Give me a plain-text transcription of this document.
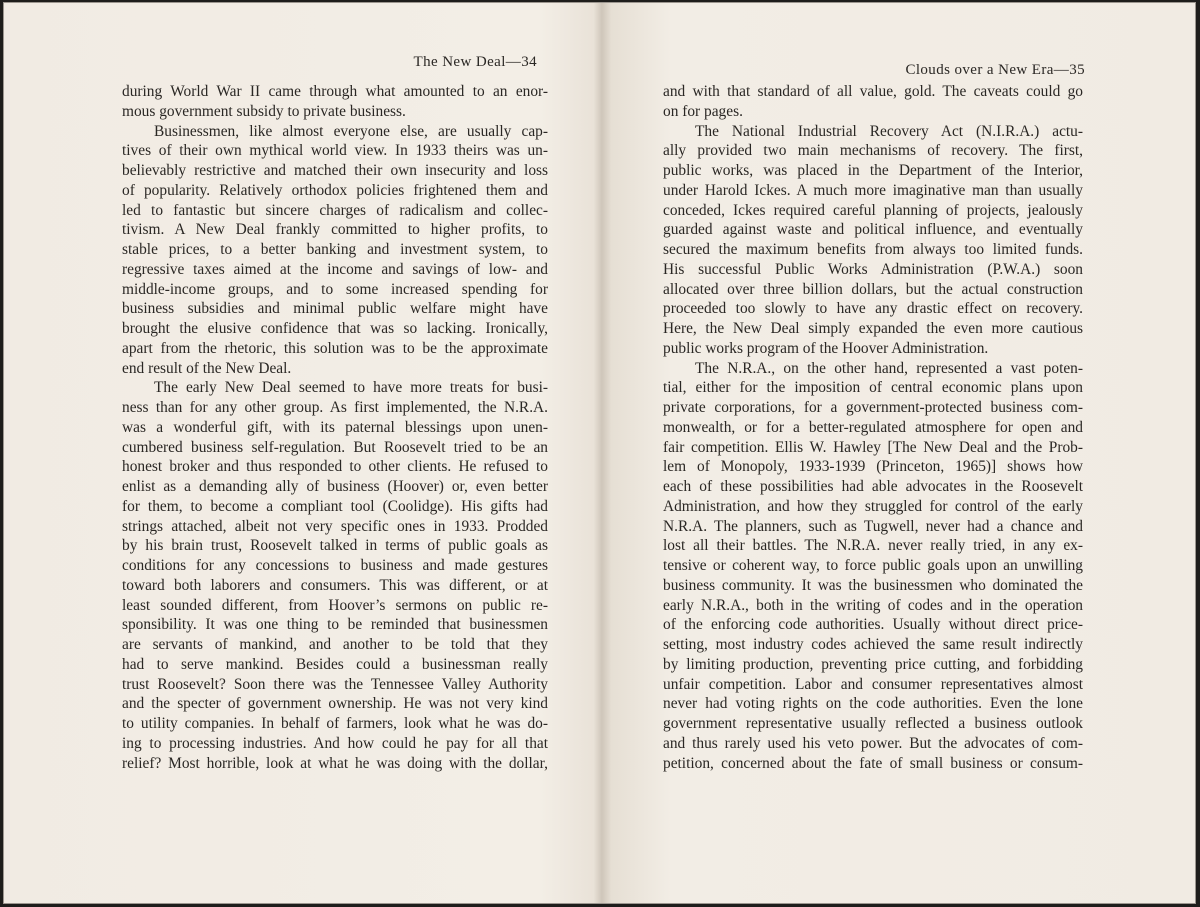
The New Deal—34
during World War II came through what amounted to an enor-
mous government subsidy to private business.
Businessmen, like almost everyone else, are usually cap-
tives of their own mythical world view. In 1933 theirs was un-
believably restrictive and matched their own insecurity and loss
of popularity. Relatively orthodox policies frightened them and
led to fantastic but sincere charges of radicalism and collec-
tivism. A New Deal frankly committed to higher profits, to
stable prices, to a better banking and investment system, to
regressive taxes aimed at the income and savings of low- and
middle-income groups, and to some increased spending for
business subsidies and minimal public welfare might have
brought the elusive confidence that was so lacking. Ironically,
apart from the rhetoric, this solution was to be the approximate
end result of the New Deal.
The early New Deal seemed to have more treats for busi-
ness than for any other group. As first implemented, the N.R.A.
was a wonderful gift, with its paternal blessings upon unen-
cumbered business self-regulation. But Roosevelt tried to be an
honest broker and thus responded to other clients. He refused to
enlist as a demanding ally of business (Hoover) or, even better
for them, to become a compliant tool (Coolidge). His gifts had
strings attached, albeit not very specific ones in 1933. Prodded
by his brain trust, Roosevelt talked in terms of public goals as
conditions for any concessions to business and made gestures
toward both laborers and consumers. This was different, or at
least sounded different, from Hoover’s sermons on public re-
sponsibility. It was one thing to be reminded that businessmen
are servants of mankind, and another to be told that they
had to serve mankind. Besides could a businessman really
trust Roosevelt? Soon there was the Tennessee Valley Authority
and the specter of government ownership. He was not very kind
to utility companies. In behalf of farmers, look what he was do-
ing to processing industries. And how could he pay for all that
relief? Most horrible, look at what he was doing with the dollar,
Clouds over a New Era—35
and with that standard of all value, gold. The caveats could go
on for pages.
The National Industrial Recovery Act (N.I.R.A.) actu-
ally provided two main mechanisms of recovery. The first,
public works, was placed in the Department of the Interior,
under Harold Ickes. A much more imaginative man than usually
conceded, Ickes required careful planning of projects, jealously
guarded against waste and political influence, and eventually
secured the maximum benefits from always too limited funds.
His successful Public Works Administration (P.W.A.) soon
allocated over three billion dollars, but the actual construction
proceeded too slowly to have any drastic effect on recovery.
Here, the New Deal simply expanded the even more cautious
public works program of the Hoover Administration.
The N.R.A., on the other hand, represented a vast poten-
tial, either for the imposition of central economic plans upon
private corporations, for a government-protected business com-
monwealth, or for a better-regulated atmosphere for open and
fair competition. Ellis W. Hawley [The New Deal and the Prob-
lem of Monopoly, 1933-1939 (Princeton, 1965)] shows how
each of these possibilities had able advocates in the Roosevelt
Administration, and how they struggled for control of the early
N.R.A. The planners, such as Tugwell, never had a chance and
lost all their battles. The N.R.A. never really tried, in any ex-
tensive or coherent way, to force public goals upon an unwilling
business community. It was the businessmen who dominated the
early N.R.A., both in the writing of codes and in the operation
of the enforcing code authorities. Usually without direct price-
setting, most industry codes achieved the same result indirectly
by limiting production, preventing price cutting, and forbidding
unfair competition. Labor and consumer representatives almost
never had voting rights on the code authorities. Even the lone
government representative usually reflected a business outlook
and thus rarely used his veto power. But the advocates of com-
petition, concerned about the fate of small business or consum-
